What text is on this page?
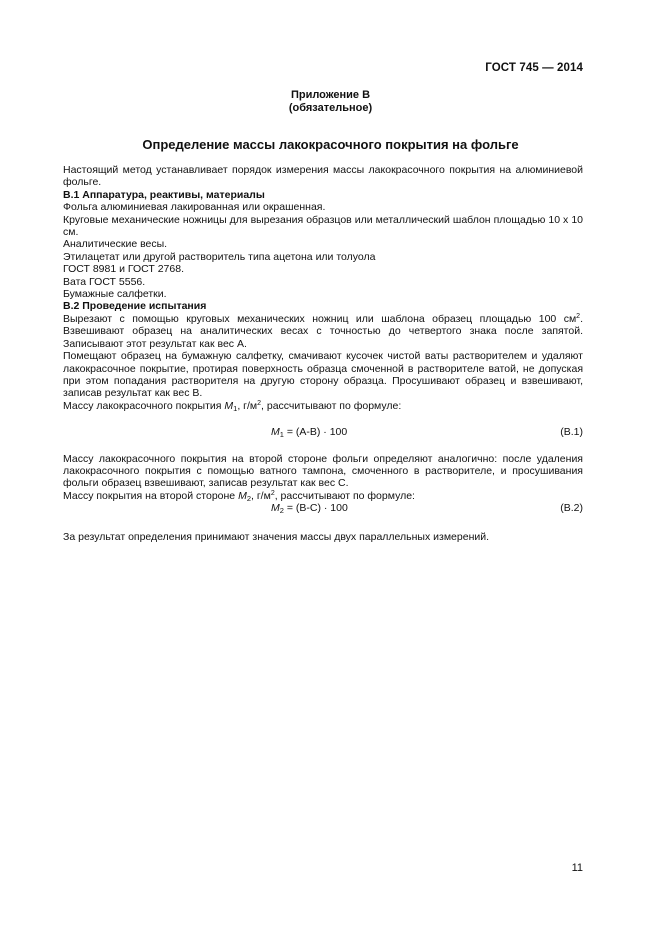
ГОСТ 745 — 2014
Приложение В
(обязательное)
Определение массы лакокрасочного покрытия на фольге

Настоящий метод устанавливает порядок измерения массы лакокрасочного покрытия на алюминиевой фольге.

В.1 Аппаратура, реактивы, материалы

Фольга алюминиевая лакированная или окрашенная.

Круговые механические ножницы для вырезания образцов или металлический шаблон площадью 10 x 10 см.

Аналитические весы.

Этилацетат или другой растворитель типа ацетона или толуола

ГОСТ 8981 и ГОСТ 2768.

Вата ГОСТ 5556.

Бумажные салфетки.

В.2 Проведение испытания

Вырезают с помощью круговых механических ножниц или шаблона образец площадью 100 $см^2$. Взвешивают образец на аналитических весах с точностью до четвертого знака после запятой. Записывают этот результат как вес А.

Помещают образец на бумажную салфетку, смачивают кусочек чистой ваты растворителем и удаляют лакокрасочное покрытие, протирая поверхность образца смоченной в растворителе ватой, не допуская при этом попадания растворителя на другую сторону образца. Просушивают образец и взвешивают, записав результат как вес В.

Массу лакокрасочного покрытия $M_1$, $г/м^2$, рассчитывают по формуле:

$M_1 = (А-В) \cdot 100$	(В.1)

Массу лакокрасочного покрытия на второй стороне фольги определяют аналогично: после удаления лакокрасочного покрытия с помощью ватного тампона, смоченного в растворителе, и просушивания фольги образец взвешивают, записав результат как вес С.

Массу покрытия на второй стороне $M_2$, $г/м^2$, рассчитывают по формуле:

$M_2 = (В-С) \cdot 100$	(В.2)

За результат определения принимают значения массы двух параллельных измерений.

11
